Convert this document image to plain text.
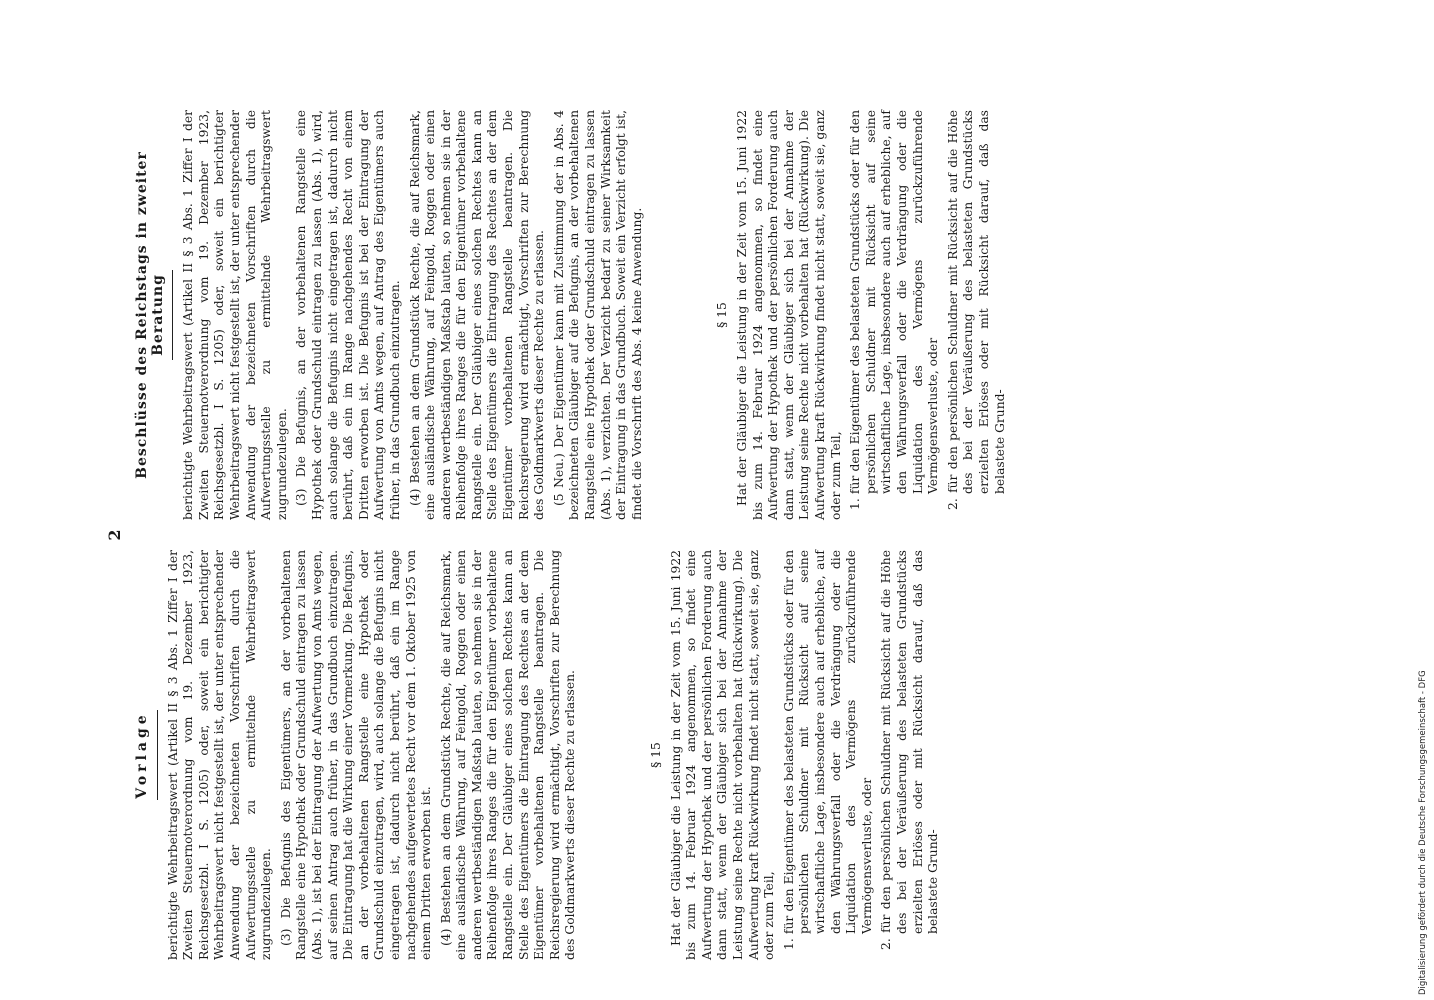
2
Vorlage berichtigte Wehrbeitragswert (Artikel II § 3 Abs. 1 Ziffer I der Zweiten Steuernotverordnung vom 19. Dezember 1923, Reichsgesetzbl. I S. 1205) oder, soweit ein berichtigter Wehrbeitragswert nicht festgestellt ist, der unter entsprechender Anwendung der bezeichneten Vorschriften durch die Aufwertungsstelle zu ermittelnde Wehrbeitragswert zugrundezulegen. (3) Die Befugnis des Eigentümers, an der vorbehaltenen Rangstelle eine Hypothek oder Grundschuld eintragen zu lassen (Abs. 1), ist bei der Eintragung der Aufwertung von Amts wegen, auf seinen Antrag auch früher, in das Grundbuch einzutragen. Die Eintragung hat die Wirkung einer Vormerkung. Die Befugnis, an der vorbehaltenen Rangstelle eine Hypothek oder Grundschuld einzutragen, wird, auch solange die Befugnis nicht eingetragen ist, dadurch nicht berührt, daß ein im Range nachgehendes aufgewertetes Recht vor dem 1. Oktober 1925 von einem Dritten erworben ist. (4) Bestehen an dem Grundstück Rechte, die auf Reichsmark, eine ausländische Währung, auf Feingold, Roggen oder einen anderen wertbeständigen Maßstab lauten, so nehmen sie in der Reihenfolge ihres Ranges die für den Eigentümer vorbehaltene Rangstelle ein. Der Gläubiger eines solchen Rechtes kann an Stelle des Eigentümers die Eintragung des Rechtes an der dem Eigentümer vorbehaltenen Rangstelle beantragen. Die Reichsregierung wird ermächtigt, Vorschriften zur Berechnung des Goldmarkwerts dieser Rechte zu erlassen.	§ 15 Hat der Gläubiger die Leistung in der Zeit vom 15. Juni 1922 bis zum 14. Februar 1924 angenommen, so findet eine Aufwertung der Hypothek und der persönlichen Forderung auch dann statt, wenn der Gläubiger sich bei der Annahme der Leistung seine Rechte nicht vorbehalten hat (Rückwirkung). Die Aufwertung kraft Rückwirkung findet nicht statt, soweit sie, ganz oder zum Teil, 1. für den Eigentümer des belasteten Grundstücks oder für den persönlichen Schuldner mit Rücksicht auf seine wirtschaftliche Lage, insbesondere auch auf erhebliche, auf den Währungsverfall oder die Verdrängung oder die Liquidation des Vermögens zurückzuführende Vermögensverluste, oder
2. für den persönlichen Schuldner mit Rücksicht auf die Höhe des bei der Veräußerung des belasteten Grundstücks erzielten Erlöses oder mit Rücksicht darauf, daß das belastete Grund-
Beschlüsse des Reichstags in zweiter Beratung berichtigte Wehrbeitragswert (Artikel II § 3 Abs. 1 Ziffer I der Zweiten Steuernotverordnung vom 19. Dezember 1923, Reichsgesetzbl. I S. 1205) oder, soweit ein berichtigter Wehrbeitragswert nicht festgestellt ist, der unter entsprechender Anwendung der bezeichneten Vorschriften durch die Aufwertungsstelle zu ermittelnde Wehrbeitragswert zugrundezulegen. (3) Die Befugnis, an der vorbehaltenen Rangstelle eine Hypothek oder Grundschuld eintragen zu lassen (Abs. 1), wird, auch solange die Befugnis nicht eingetragen ist, dadurch nicht berührt, daß ein im Range nachgehendes Recht von einem Dritten erworben ist. Die Befugnis ist bei der Eintragung der Aufwertung von Amts wegen, auf Antrag des Eigentümers auch früher, in das Grundbuch einzutragen. (4) Bestehen an dem Grundstück Rechte, die auf Reichsmark, eine ausländische Währung, auf Feingold, Roggen oder einen anderen wertbeständigen Maßstab lauten, so nehmen sie in der Reihenfolge ihres Ranges die für den Eigentümer vorbehaltene Rangstelle ein. Der Gläubiger eines solchen Rechtes kann an Stelle des Eigentümers die Eintragung des Rechtes an der dem Eigentümer vorbehaltenen Rangstelle beantragen. Die Reichsregierung wird ermächtigt, Vorschriften zur Berechnung des Goldmarkwerts dieser Rechte zu erlassen. (5 Neu.) Der Eigentümer kann mit Zustimmung der in Abs. 4 bezeichneten Gläubiger auf die Befugnis, an der vorbehaltenen Rangstelle eine Hypothek oder Grundschuld eintragen zu lassen (Abs. 1), verzichten. Der Verzicht bedarf zu seiner Wirksamkeit der Eintragung in das Grundbuch. Soweit ein Verzicht erfolgt ist, findet die Vorschrift des Abs. 4 keine Anwendung.	§ 15 Hat der Gläubiger die Leistung in der Zeit vom 15. Juni 1922 bis zum 14. Februar 1924 angenommen, so findet eine Aufwertung der Hypothek und der persönlichen Forderung auch dann statt, wenn der Gläubiger sich bei der Annahme der Leistung seine Rechte nicht vorbehalten hat (Rückwirkung). Die Aufwertung kraft Rückwirkung findet nicht statt, soweit sie, ganz oder zum Teil, 1. für den Eigentümer des belasteten Grundstücks oder für den persönlichen Schuldner mit Rücksicht auf seine wirtschaftliche Lage, insbesondere auch auf erhebliche, auf den Währungsverfall oder die Verdrängung oder die Liquidation des Vermögens zurückzuführende Vermögensverluste, oder
2. für den persönlichen Schuldner mit Rücksicht auf die Höhe des bei der Veräußerung des belasteten Grundstücks erzielten Erlöses oder mit Rücksicht darauf, daß das belastete Grund-
Digitalisierung gefördert durch die Deutsche Forschungsgemeinschaft - DFG
